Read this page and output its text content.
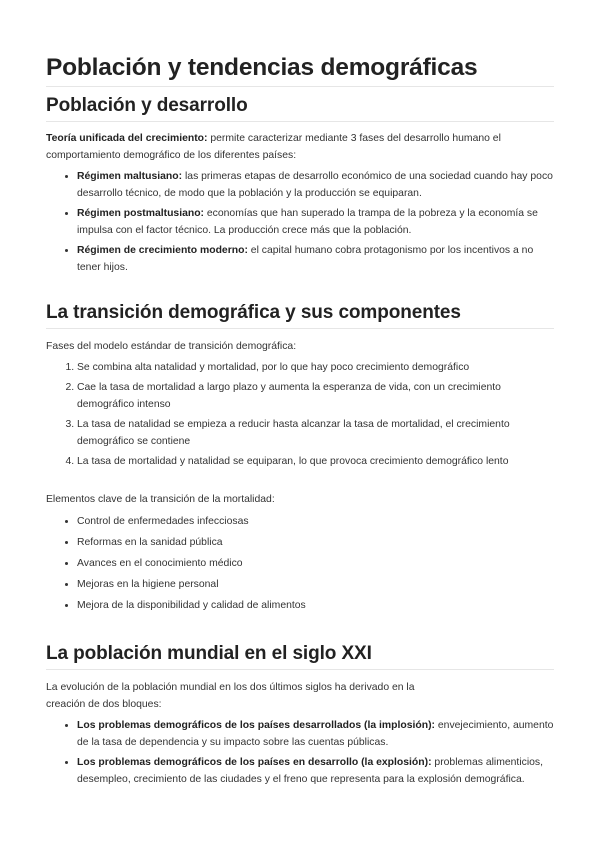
Población y tendencias demográficas
Población y desarrollo

Teoría unificada del crecimiento: permite caracterizar mediante 3 fases del desarrollo humano el comportamiento demográfico de los diferentes países:

• Régimen maltusiano: las primeras etapas de desarrollo económico de una sociedad cuando hay poco desarrollo técnico, de modo que la población y la producción se equiparan.
• Régimen postmaltusiano: economías que han superado la trampa de la pobreza y la economía se impulsa con el factor técnico. La producción crece más que la población.
• Régimen de crecimiento moderno: el capital humano cobra protagonismo por los incentivos a no tener hijos.
La transición demográfica y sus componentes

Fases del modelo estándar de transición demográfica:

1. Se combina alta natalidad y mortalidad, por lo que hay poco crecimiento demográfico
2. Cae la tasa de mortalidad a largo plazo y aumenta la esperanza de vida, con un crecimiento demográfico intenso
3. La tasa de natalidad se empieza a reducir hasta alcanzar la tasa de mortalidad, el crecimiento demográfico se contiene
4. La tasa de mortalidad y natalidad se equiparan, lo que provoca crecimiento demográfico lento

Elementos clave de la transición de la mortalidad:

• Control de enfermedades infecciosas
• Reformas en la sanidad pública
• Avances en el conocimiento médico
• Mejoras en la higiene personal
• Mejora de la disponibilidad y calidad de alimentos
La población mundial en el siglo XXI

La evolución de la población mundial en los dos últimos siglos ha derivado en la creación de dos bloques:

• Los problemas demográficos de los países desarrollados (la implosión): envejecimiento, aumento de la tasa de dependencia y su impacto sobre las cuentas públicas.
• Los problemas demográficos de los países en desarrollo (la explosión): problemas alimenticios, desempleo, crecimiento de las ciudades y el freno que representa para la explosión demográfica.
